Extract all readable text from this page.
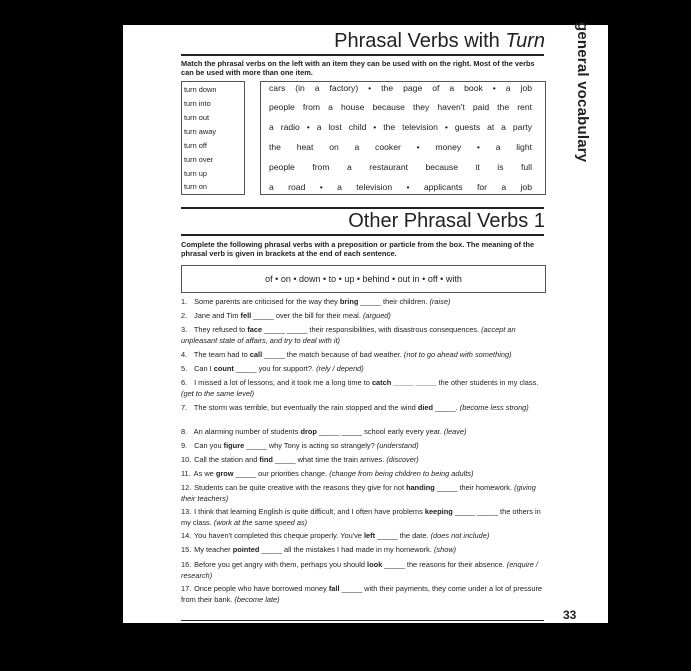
general vocabulary
Phrasal Verbs with Turn
Match the phrasal verbs on the left with an item they can be used with on the right. Most of the verbs can be used with more than one item.
turn down
turn into
turn out
turn away
turn off
turn over
turn up
turn on
cars (in a factory) • the page of a book • a job
people from a house because they haven't paid the rent
a radio • a lost child • the television • guests at a party
the heat on a cooker • money • a light
people from a restaurant because it is full
a road • a television • applicants for a job
Other Phrasal Verbs 1
Complete the following phrasal verbs with a preposition or particle from the box. The meaning of the phrasal verb is given in brackets at the end of each sentence.
of • on • down • to • up • behind • out in • off • with
1. Some parents are criticised for the way they bring _____ their children. (raise)
2. Jane and Tim fell _____ over the bill for their meal. (argued)
3. They refused to face _____ _____ their responsibilities, with disastrous consequences. (accept an unpleasant state of affairs, and try to deal with it)
4. The team had to call _____ the match because of bad weather. (not to go ahead with something)
5. Can I count _____ you for support?. (rely / depend)
6. I missed a lot of lessons, and it took me a long time to catch _____ _____ the other students in my class. (get to the same level)
7. The storm was terrible, but eventually the rain stopped and the wind died _____. (become less strong)
8. An alarming number of students drop _____ _____ school early every year. (leave)
9. Can you figure _____ why Tony is acting so strangely? (understand)
10. Call the station and find _____ what time the train arrives. (discover)
11. As we grow _____ our priorities change. (change from being children to being adults)
12. Students can be quite creative with the reasons they give for not handing _____ their homework. (giving their teachers)
13. I think that learning English is quite difficult, and I often have problems keeping _____ _____ the others in my class. (work at the same speed as)
14. You haven't completed this cheque properly. You've left _____ the date. (does not include)
15. My teacher pointed _____ all the mistakes I had made in my homework. (show)
16. Before you get angry with them, perhaps you should look _____ the reasons for their absence. (enquire / research)
17. Once people who have borrowed money fall _____ with their payments, they come under a lot of pressure from their bank. (become late)
33
